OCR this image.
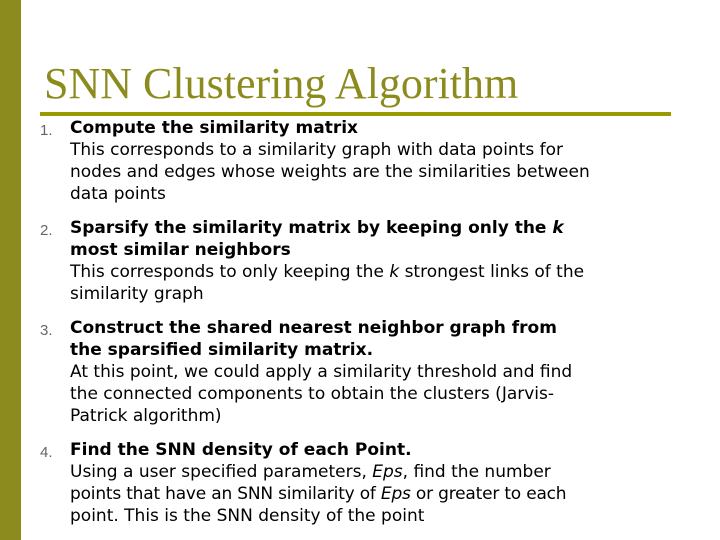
SNN Clustering Algorithm
1. Compute the similarity matrix
This corresponds to a similarity graph with data points for
nodes and edges whose weights are the similarities between
data points
2. Sparsify the similarity matrix by keeping only the k
most similar neighbors
This corresponds to only keeping the k strongest links of the
similarity graph
3. Construct the shared nearest neighbor graph from
the sparsified similarity matrix.
At this point, we could apply a similarity threshold and find
the connected components to obtain the clusters (Jarvis-
Patrick algorithm)
4. Find the SNN density of each Point.
Using a user specified parameters, Eps, find the number
points that have an SNN similarity of Eps or greater to each
point. This is the SNN density of the point
